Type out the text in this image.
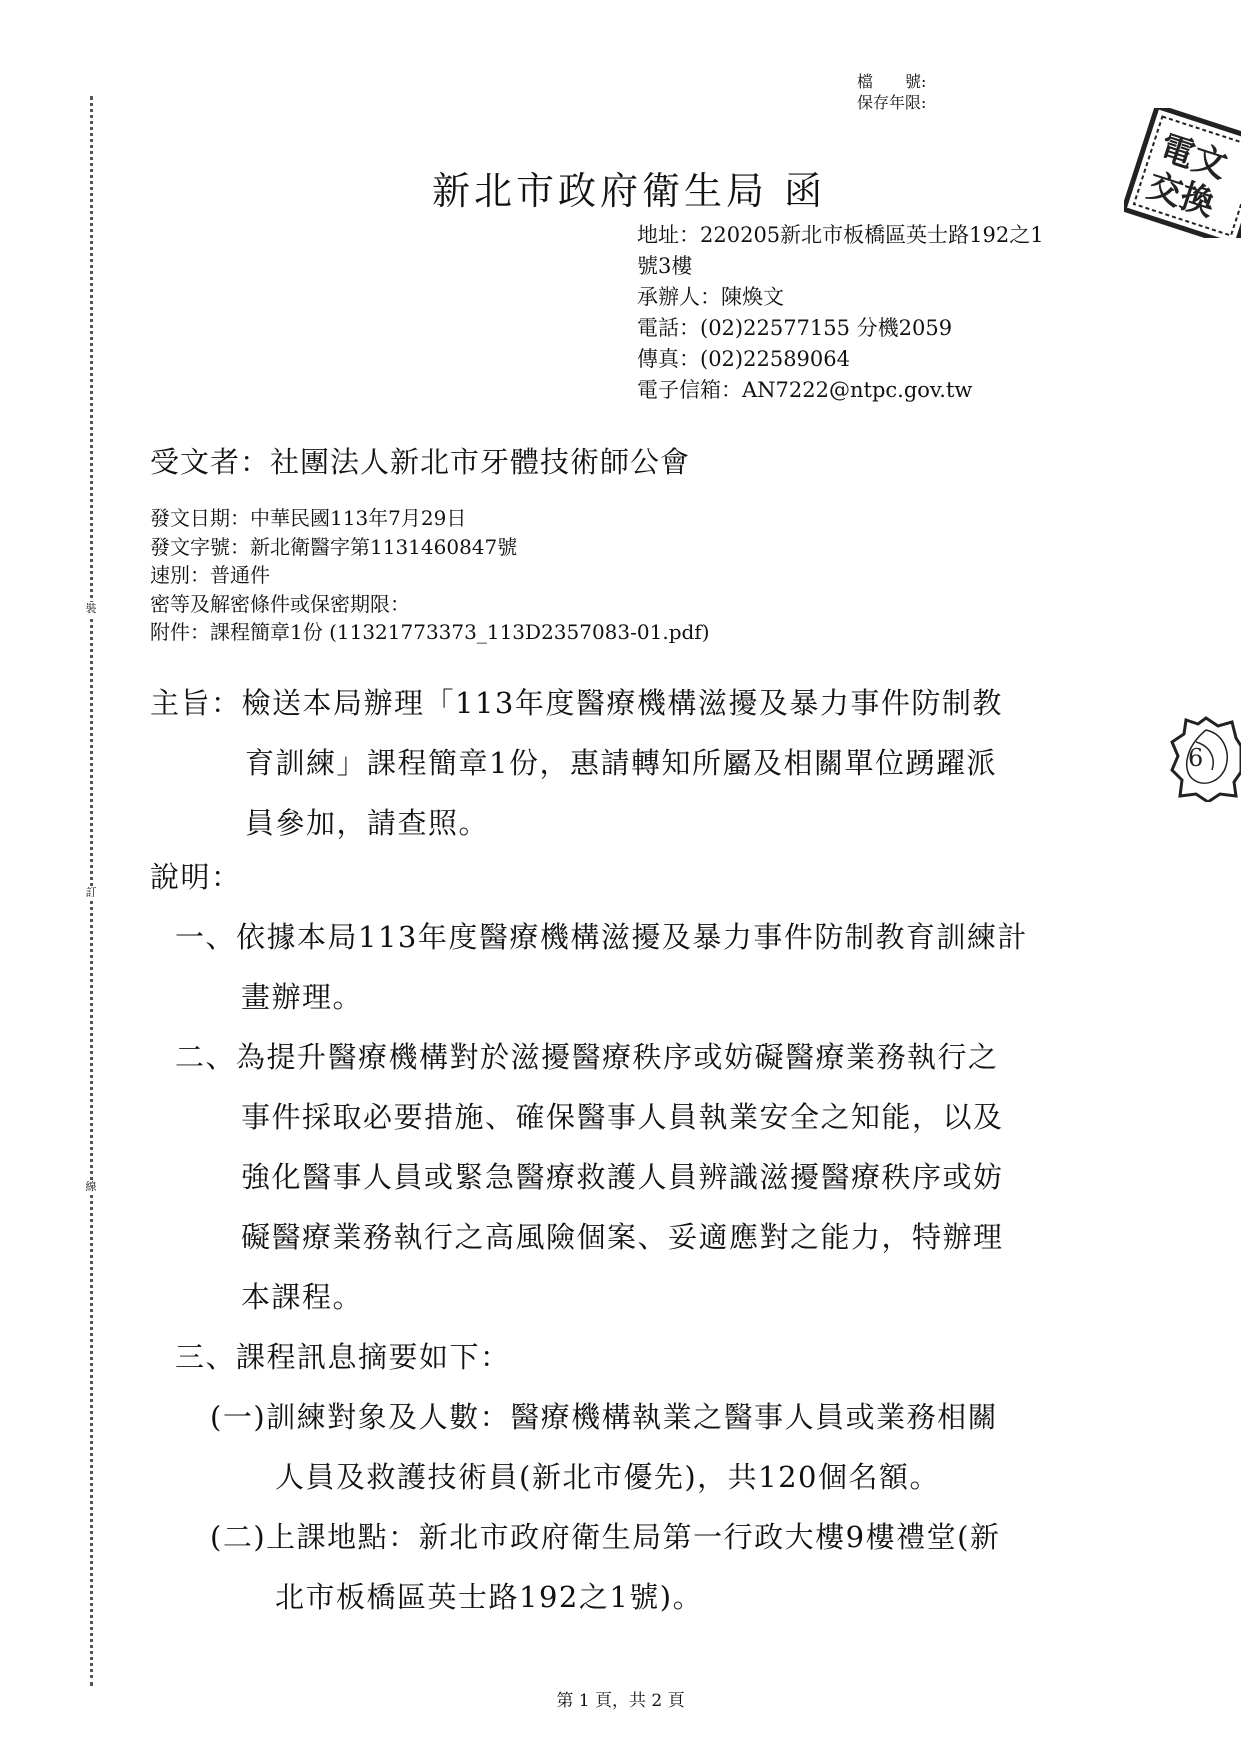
裝
訂
線
檔　　號:
保存年限:
電文
交換
新北市政府衛生局 函
地址：220205新北市板橋區英士路192之1
號3樓
承辦人：陳煥文
電話：(02)22577155 分機2059
傳真：(02)22589064
電子信箱：AN7222@ntpc.gov.tw
受文者：社團法人新北市牙體技術師公會
發文日期：中華民國113年7月29日
發文字號：新北衛醫字第1131460847號
速別：普通件
密等及解密條件或保密期限：
附件：課程簡章1份 (11321773373_113D2357083-01.pdf)
主旨：檢送本局辦理「113年度醫療機構滋擾及暴力事件防制教
育訓練」課程簡章1份，惠請轉知所屬及相關單位踴躍派
員參加，請查照。
6
說明：
一、依據本局113年度醫療機構滋擾及暴力事件防制教育訓練計
畫辦理。
二、為提升醫療機構對於滋擾醫療秩序或妨礙醫療業務執行之
事件採取必要措施、確保醫事人員執業安全之知能，以及
強化醫事人員或緊急醫療救護人員辨識滋擾醫療秩序或妨
礙醫療業務執行之高風險個案、妥適應對之能力，特辦理
本課程。
三、課程訊息摘要如下：
(一)訓練對象及人數：醫療機構執業之醫事人員或業務相關
人員及救護技術員(新北市優先)，共120個名額。
(二)上課地點：新北市政府衛生局第一行政大樓9樓禮堂(新
北市板橋區英士路192之1號)。
第 1 頁，共 2 頁
